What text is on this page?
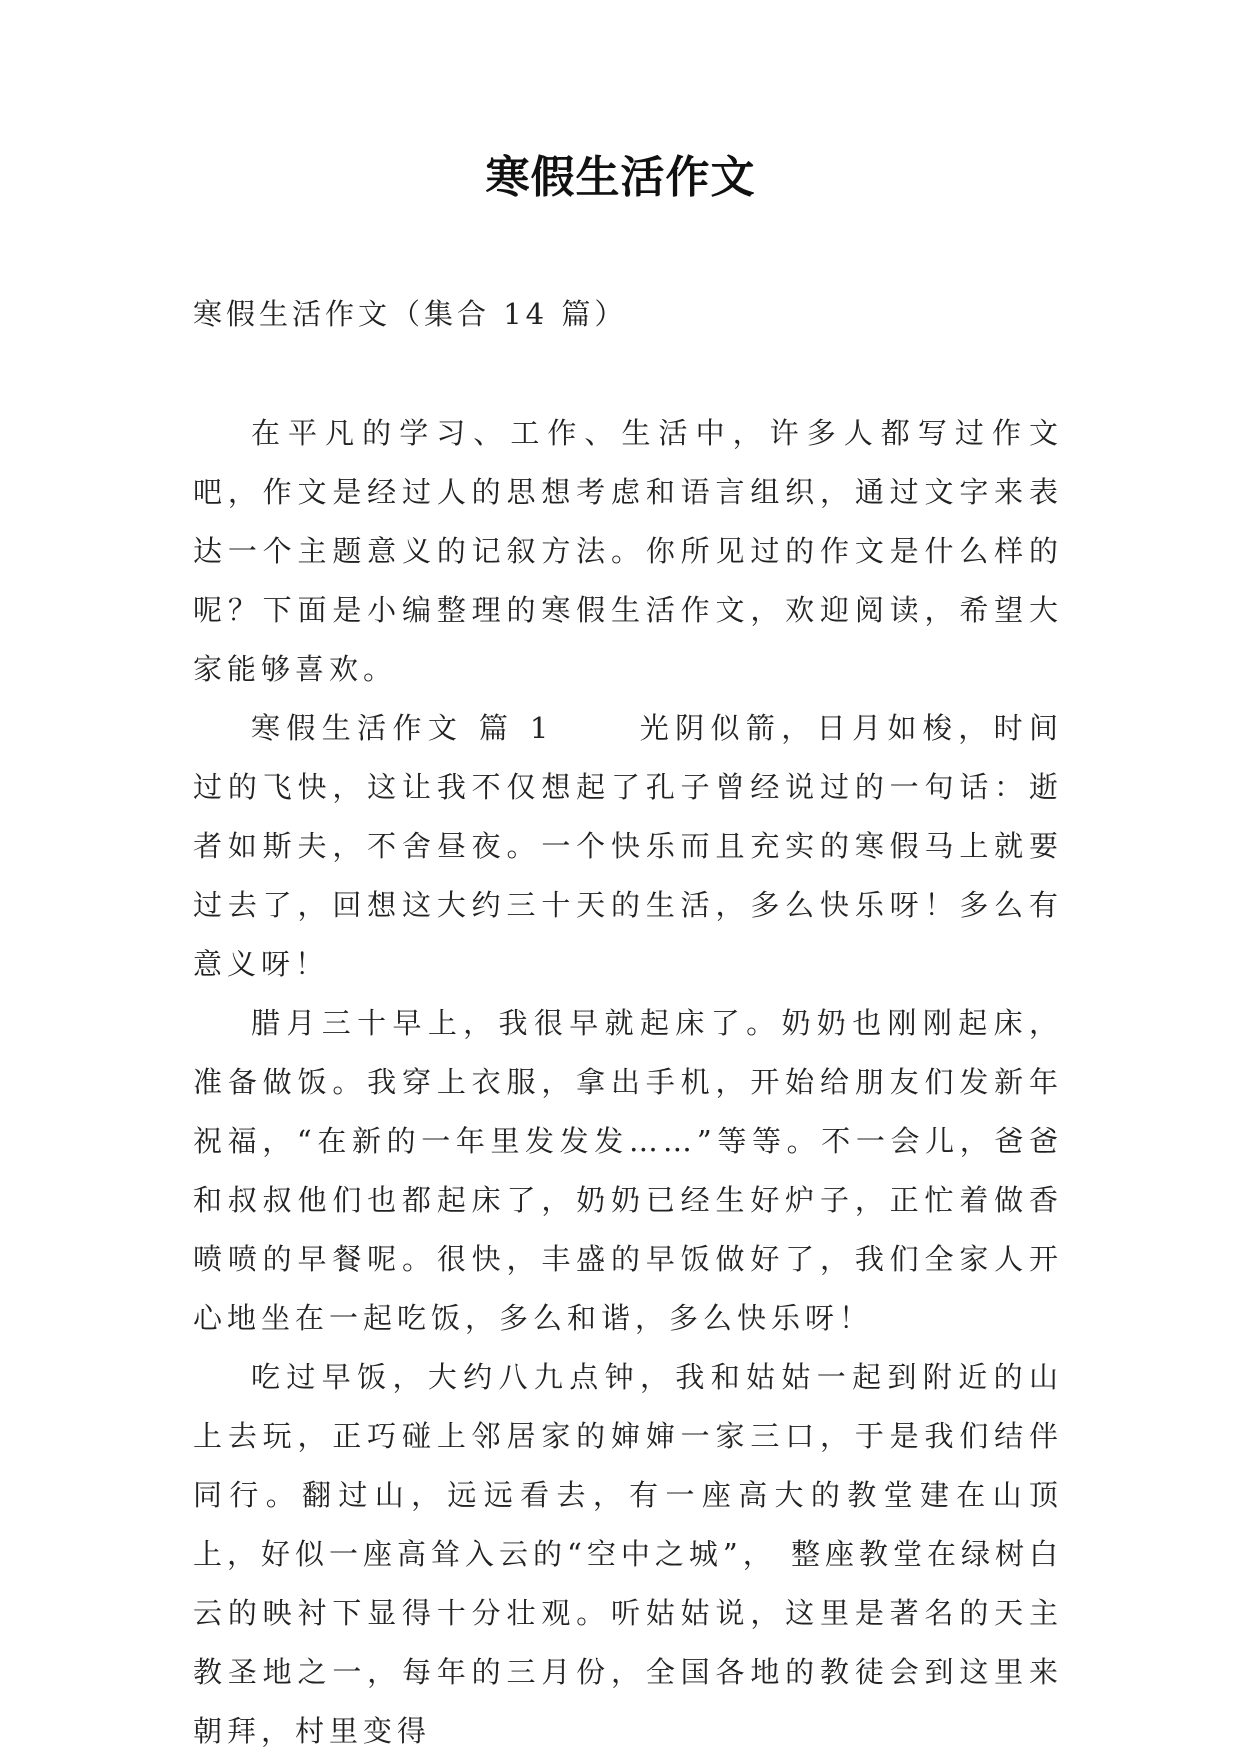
寒假生活作文
寒假生活作文（集合 14 篇）

在平凡的学习、工作、生活中，许多人都写过作文吧，作文是经过人的思想考虑和语言组织，通过文字来表达一个主题意义的记叙方法。你所见过的作文是什么样的呢？下面是小编整理的寒假生活作文，欢迎阅读，希望大家能够喜欢。

寒假生活作文 篇 1 　　光阴似箭，日月如梭，时间过的飞快，这让我不仅想起了孔子曾经说过的一句话：逝者如斯夫，不舍昼夜。一个快乐而且充实的寒假马上就要过去了，回想这大约三十天的生活，多么快乐呀！多么有意义呀！

腊月三十早上，我很早就起床了。奶奶也刚刚起床，准备做饭。我穿上衣服，拿出手机，开始给朋友们发新年祝福，“在新的一年里发发发……”等等。不一会儿，爸爸和叔叔他们也都起床了，奶奶已经生好炉子，正忙着做香喷喷的早餐呢。很快，丰盛的早饭做好了，我们全家人开心地坐在一起吃饭，多么和谐，多么快乐呀！

吃过早饭，大约八九点钟，我和姑姑一起到附近的山上去玩，正巧碰上邻居家的婶婶一家三口，于是我们结伴同行。翻过山，远远看去，有一座高大的教堂建在山顶上，好似一座高耸入云的“空中之城”， 整座教堂在绿树白云的映衬下显得十分壮观。听姑姑说，这里是著名的天主教圣地之一，每年的三月份，全国各地的教徒会到这里来朝拜，村里变得
